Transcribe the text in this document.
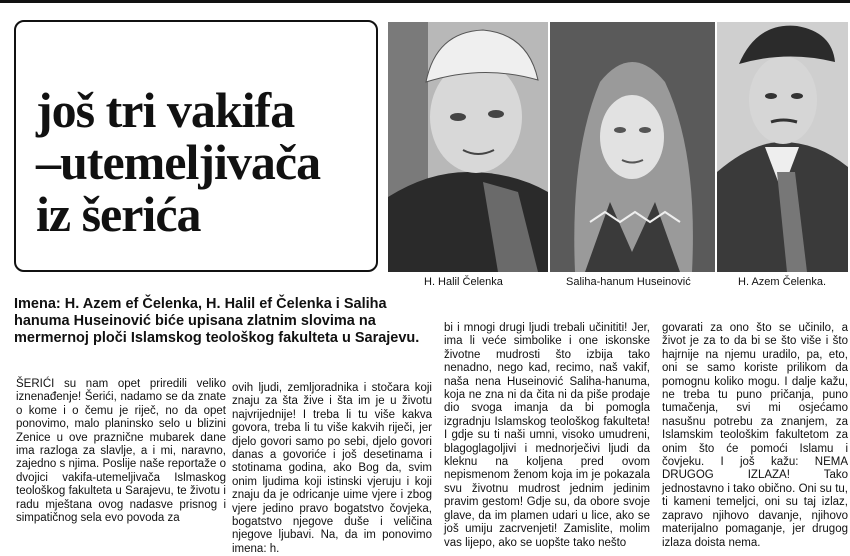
još tri vakifa
–utemeljivača
iz šerića
H. Halil Čelenka	Saliha-hanum Huseinović	H. Azem Čelenka.

Imena: H. Azem ef Čelenka, H. Halil ef Čelenka i Saliha hanuma Huseinović biće upisana zlatnim slovima na mermernoj ploči Islamskog teološkog fakulteta u Sarajevu.

ŠERIĆI su nam opet priredili veliko iznenađenje! Šerići, nadamo se da znate o kome i o čemu je riječ, no da opet ponovimo, malo planinsko selo u blizini Zenice u ove praznične mubarek dane ima razloga za slavlje, a i mi, naravno, zajedno s njima. Poslije naše reportaže o dvojici vakifa-utemeljivača Islmaskog teološkog fakulteta u Sarajevu, te životu i radu mještana ovog nadasve prisnog i simpatičnog sela evo povoda za

ovih ljudi, zemljoradnika i stočara koji znaju za šta žive i šta im je u životu najvrijednije! I treba li tu više kakva govora, treba li tu više kakvih riječi, jer djelo govori samo po sebi, djelo govori danas a govoriće i još desetinama i stotinama godina, ako Bog da, svim onim ljudima koji istinski vjeruju i koji znaju da je odricanje uime vjere i zbog vjere jedino pravo bogatstvo čovjeka, bogatstvo njegove duše i veličina njegove ljubavi. Na, da im ponovimo imena: h.

bi i mnogi drugi ljudi trebali učinititi! Jer, ima li veće simbolike i one iskonske životne mudrosti što izbija tako nenadno, nego kad, recimo, naš vakif, naša nena Huseinović Saliha-hanuma, koja ne zna ni da čita ni da piše prodaje dio svoga imanja da bi pomogla izgradnju Islamskog teološkog fakulteta! I gdje su ti naši umni, visoko umudreni, blagoglagoljivi i mednorječivi ljudi da kleknu na koljena pred ovom nepismenom ženom koja im je pokazala svu životnu mudrost jednim jedinim pravim gestom! Gdje su, da obore svoje glave, da im plamen udari u lice, ako se još umiju zacrvenjeti! Zamislite, molim vas lijepo, ako se uopšte tako nešto

govarati za ono što se učinilo, a život je za to da bi se što više i što hajrnije na njemu uradilo, pa, eto, oni se samo koriste prilikom da pomognu koliko mogu. I dalje kažu, ne treba tu puno pričanja, puno tumačenja, svi mi osjećamo nasušnu potrebu za znanjem, za Islamskim teološkim fakultetom za onim što će pomoći Islamu i čovjeku. I još kažu: NEMA DRUGOG IZLAZA! Tako jednostavno i tako obično. Oni su tu, ti kameni temeljci, oni su taj izlaz, zapravo njihovo davanje, njihovo materijalno pomaganje, jer drugog izlaza doista nema.
